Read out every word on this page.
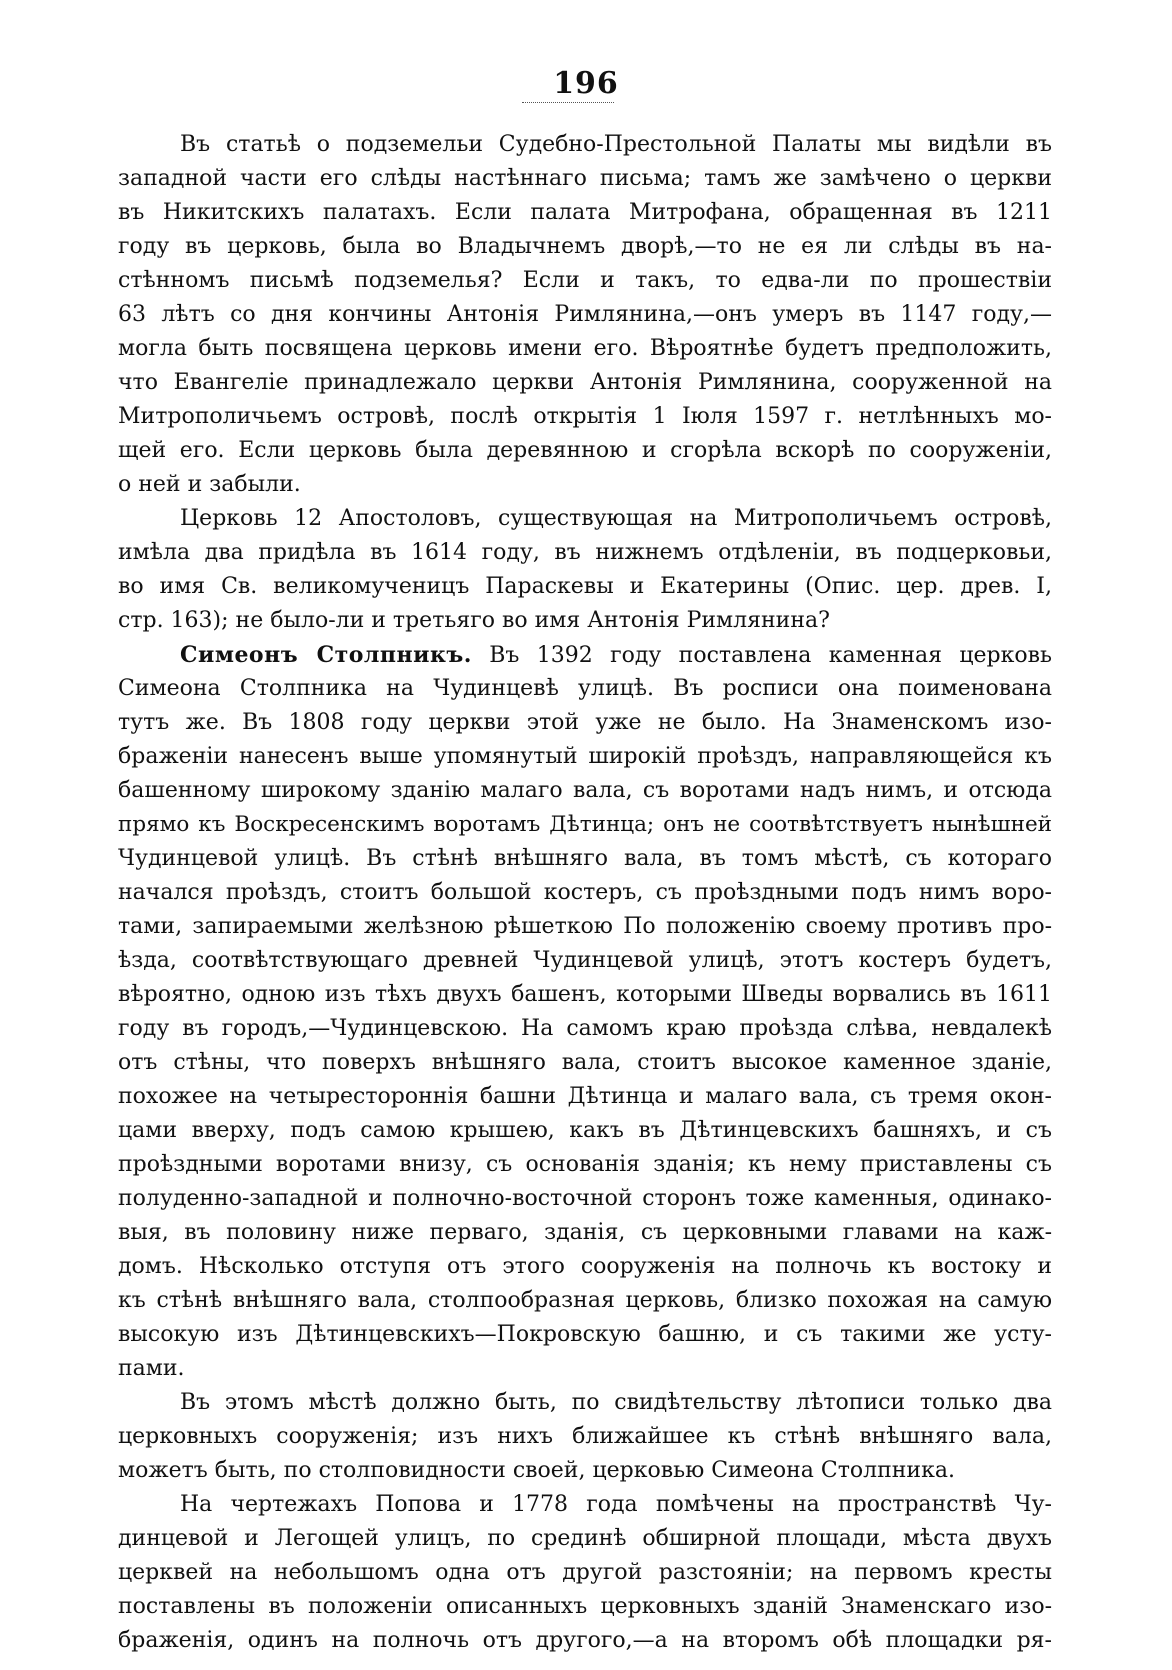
196
Въ статьѣ о подземельи Судебно-Престольной Палаты мы видѣли въ
западной части его слѣды настѣннаго письма; тамъ же замѣчено о церкви
въ Никитскихъ палатахъ. Если палата Митрофана, обращенная въ 1211
году въ церковь, была во Владычнемъ дворѣ,—то не ея ли слѣды въ на-
стѣнномъ письмѣ подземелья? Если и такъ, то едва-ли по прошествіи
63 лѣтъ со дня кончины Антонія Римлянина,—онъ умеръ въ 1147 году,—
могла быть посвящена церковь имени его. Вѣроятнѣе будетъ предположить,
что Евангеліе принадлежало церкви Антонія Римлянина, сооруженной на
Митрополичьемъ островѣ, послѣ открытія 1 Іюля 1597 г. нетлѣнныхъ мо-
щей его. Если церковь была деревянною и сгорѣла вскорѣ по сооруженіи,
о ней и забыли.
Церковь 12 Апостоловъ, существующая на Митрополичьемъ островѣ,
имѣла два придѣла въ 1614 году, въ нижнемъ отдѣленіи, въ подцерковьи,
во имя Св. великомученицъ Параскевы и Екатерины (Опис. цер. древ. І,
стр. 163); не было-ли и третьяго во имя Антонія Римлянина?
Симеонъ Столпникъ. Въ 1392 году поставлена каменная церковь
Симеона Столпника на Чудинцевѣ улицѣ. Въ росписи она поименована
тутъ же. Въ 1808 году церкви этой уже не было. На Знаменскомъ изо-
браженіи нанесенъ выше упомянутый широкій проѣздъ, направляющейся къ
башенному широкому зданію малаго вала, съ воротами надъ нимъ, и отсюда
прямо къ Воскресенскимъ воротамъ Дѣтинца; онъ не соотвѣтствуетъ нынѣшней
Чудинцевой улицѣ. Въ стѣнѣ внѣшняго вала, въ томъ мѣстѣ, съ котораго
начался проѣздъ, стоитъ большой костеръ, съ проѣздными подъ нимъ воро-
тами, запираемыми желѣзною рѣшеткою По положенію своему противъ про-
ѣзда, соотвѣтствующаго древней Чудинцевой улицѣ, этотъ костеръ будетъ,
вѣроятно, одною изъ тѣхъ двухъ башенъ, которыми Шведы ворвались въ 1611
году въ городъ,—Чудинцевскою. На самомъ краю проѣзда слѣва, невдалекѣ
отъ стѣны, что поверхъ внѣшняго вала, стоитъ высокое каменное зданіе,
похожее на четырестороннія башни Дѣтинца и малаго вала, съ тремя окон-
цами вверху, подъ самою крышею, какъ въ Дѣтинцевскихъ башняхъ, и съ
проѣздными воротами внизу, съ основанія зданія; къ нему приставлены съ
полуденно-западной и полночно-восточной сторонъ тоже каменныя, одинако-
выя, въ половину ниже перваго, зданія, съ церковными главами на каж-
домъ. Нѣсколько отступя отъ этого сооруженія на полночь къ востоку и
къ стѣнѣ внѣшняго вала, столпообразная церковь, близко похожая на самую
высокую изъ Дѣтинцевскихъ—Покровскую башню, и съ такими же усту-
пами.
Въ этомъ мѣстѣ должно быть, по свидѣтельству лѣтописи только два
церковныхъ сооруженія; изъ нихъ ближайшее къ стѣнѣ внѣшняго вала,
можетъ быть, по столповидности своей, церковью Симеона Столпника.
На чертежахъ Попова и 1778 года помѣчены на пространствѣ Чу-
динцевой и Легощей улицъ, по срединѣ обширной площади, мѣста двухъ
церквей на небольшомъ одна отъ другой разстояніи; на первомъ кресты
поставлены въ положеніи описанныхъ церковныхъ зданій Знаменскаго изо-
браженія, одинъ на полночь отъ другого,—а на второмъ обѣ площадки ря-
